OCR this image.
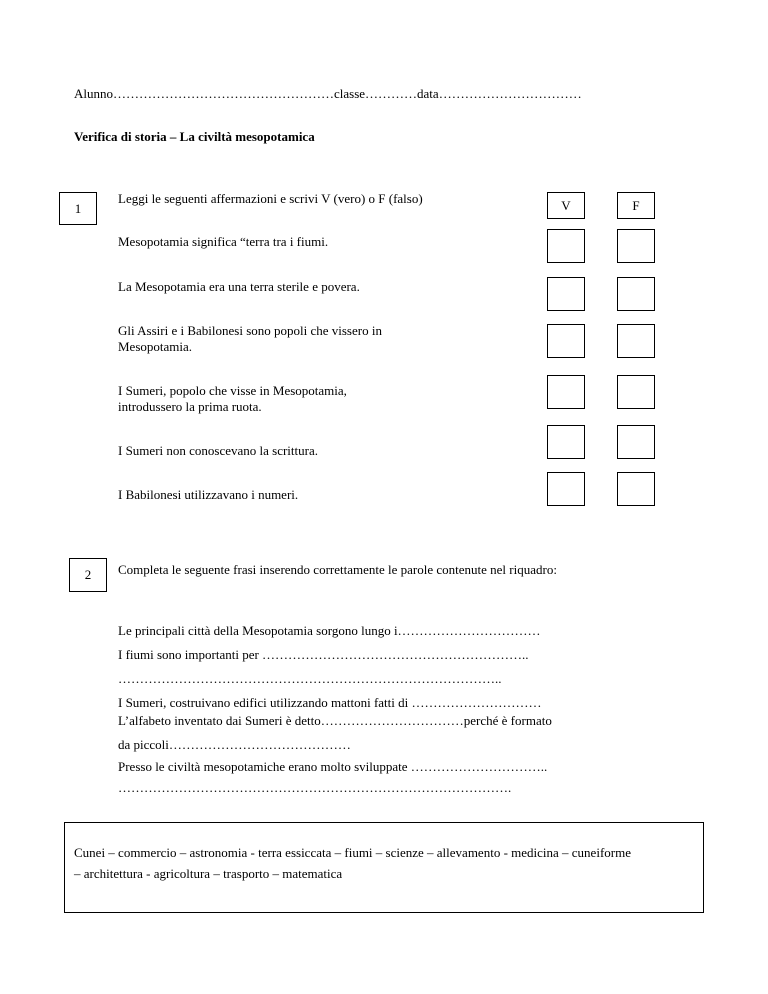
Alunno……………………………………………classe…………data……………………………
Verifica di storia – La civiltà mesopotamica
1
Leggi le seguenti affermazioni e scrivi V (vero) o F (falso)	V	F
Mesopotamia significa “terra tra i fiumi.
La Mesopotamia era una terra sterile e povera.
Gli Assiri e i Babilonesi sono popoli che vissero in
Mesopotamia.
I Sumeri, popolo che visse in Mesopotamia,
introdussero la prima ruota.
I Sumeri non conoscevano la scrittura.
I Babilonesi utilizzavano i numeri.
2	Completa le seguente frasi inserendo correttamente le parole contenute nel riquadro:
Le principali città della Mesopotamia sorgono lungo i……………………………
I fiumi sono importanti per ……………………………………………………..
……………………………………………………………………………..
I Sumeri, costruivano edifici utilizzando mattoni fatti di …………………………
L’alfabeto inventato dai Sumeri è detto……………………………perché è formato
da piccoli……………………………………
Presso le civiltà mesopotamiche erano molto sviluppate …………………………..
……………………………………………………………………………….
Cunei – commercio – astronomia - terra essiccata – fiumi – scienze – allevamento - medicina – cuneiforme
– architettura - agricoltura – trasporto – matematica
